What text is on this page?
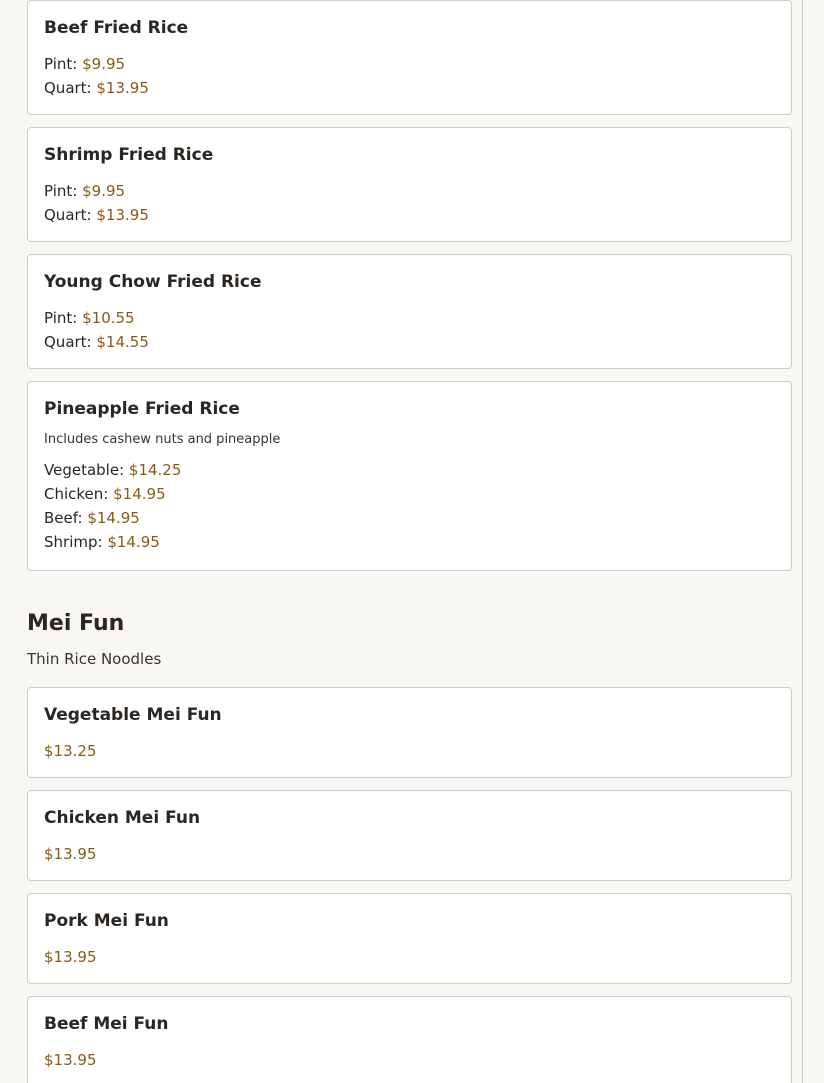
Beef Fried Rice
Pint: $9.95
Quart: $13.95
Shrimp Fried Rice
Pint: $9.95
Quart: $13.95
Young Chow Fried Rice
Pint: $10.55
Quart: $14.55
Pineapple Fried Rice
Includes cashew nuts and pineapple
Vegetable: $14.25
Chicken: $14.95
Beef: $14.95
Shrimp: $14.95
Mei Fun
Thin Rice Noodles
Vegetable Mei Fun
$13.25
Chicken Mei Fun
$13.95
Pork Mei Fun
$13.95
Beef Mei Fun
$13.95
